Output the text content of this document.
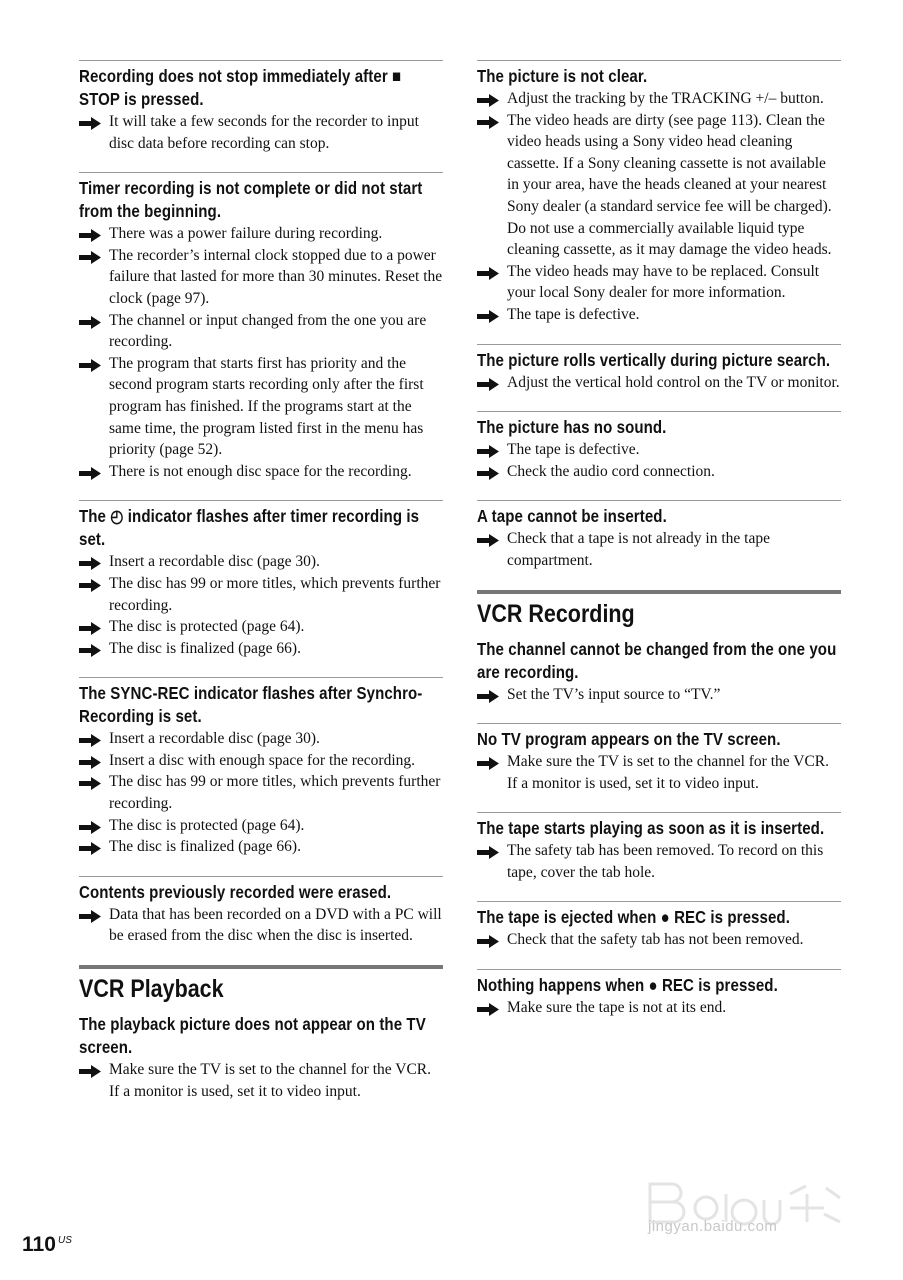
Recording does not stop immediately after ■ STOP is pressed.
It will take a few seconds for the recorder to input disc data before recording can stop.
Timer recording is not complete or did not start from the beginning.
There was a power failure during recording.
The recorder’s internal clock stopped due to a power failure that lasted for more than 30 minutes. Reset the clock (page 97).
The channel or input changed from the one you are recording.
The program that starts first has priority and the second program starts recording only after the first program has finished. If the programs start at the same time, the program listed first in the menu has priority (page 52).
There is not enough disc space for the recording.
The ◴ indicator flashes after timer recording is set.
Insert a recordable disc (page 30).
The disc has 99 or more titles, which prevents further recording.
The disc is protected (page 64).
The disc is finalized (page 66).
The SYNC-REC indicator flashes after Synchro-Recording is set.
Insert a recordable disc (page 30).
Insert a disc with enough space for the recording.
The disc has 99 or more titles, which prevents further recording.
The disc is protected (page 64).
The disc is finalized (page 66).
Contents previously recorded were erased.
Data that has been recorded on a DVD with a PC will be erased from the disc when the disc is inserted.
VCR Playback
The playback picture does not appear on the TV screen.
Make sure the TV is set to the channel for the VCR. If a monitor is used, set it to video input.
The picture is not clear.
Adjust the tracking by the TRACKING +/– button.
The video heads are dirty (see page 113). Clean the video heads using a Sony video head cleaning cassette. If a Sony cleaning cassette is not available in your area, have the heads cleaned at your nearest Sony dealer (a standard service fee will be charged). Do not use a commercially available liquid type cleaning cassette, as it may damage the video heads.
The video heads may have to be replaced. Consult your local Sony dealer for more information.
The tape is defective.
The picture rolls vertically during picture search.
Adjust the vertical hold control on the TV or monitor.
The picture has no sound.
The tape is defective.
Check the audio cord connection.
A tape cannot be inserted.
Check that a tape is not already in the tape compartment.
VCR Recording
The channel cannot be changed from the one you are recording.
Set the TV’s input source to “TV.”
No TV program appears on the TV screen.
Make sure the TV is set to the channel for the VCR. If a monitor is used, set it to video input.
The tape starts playing as soon as it is inserted.
The safety tab has been removed. To record on this tape, cover the tab hole.
The tape is ejected when ● REC is pressed.
Check that the safety tab has not been removed.
Nothing happens when ● REC is pressed.
Make sure the tape is not at its end.
110 US
jingyan.baidu.com
